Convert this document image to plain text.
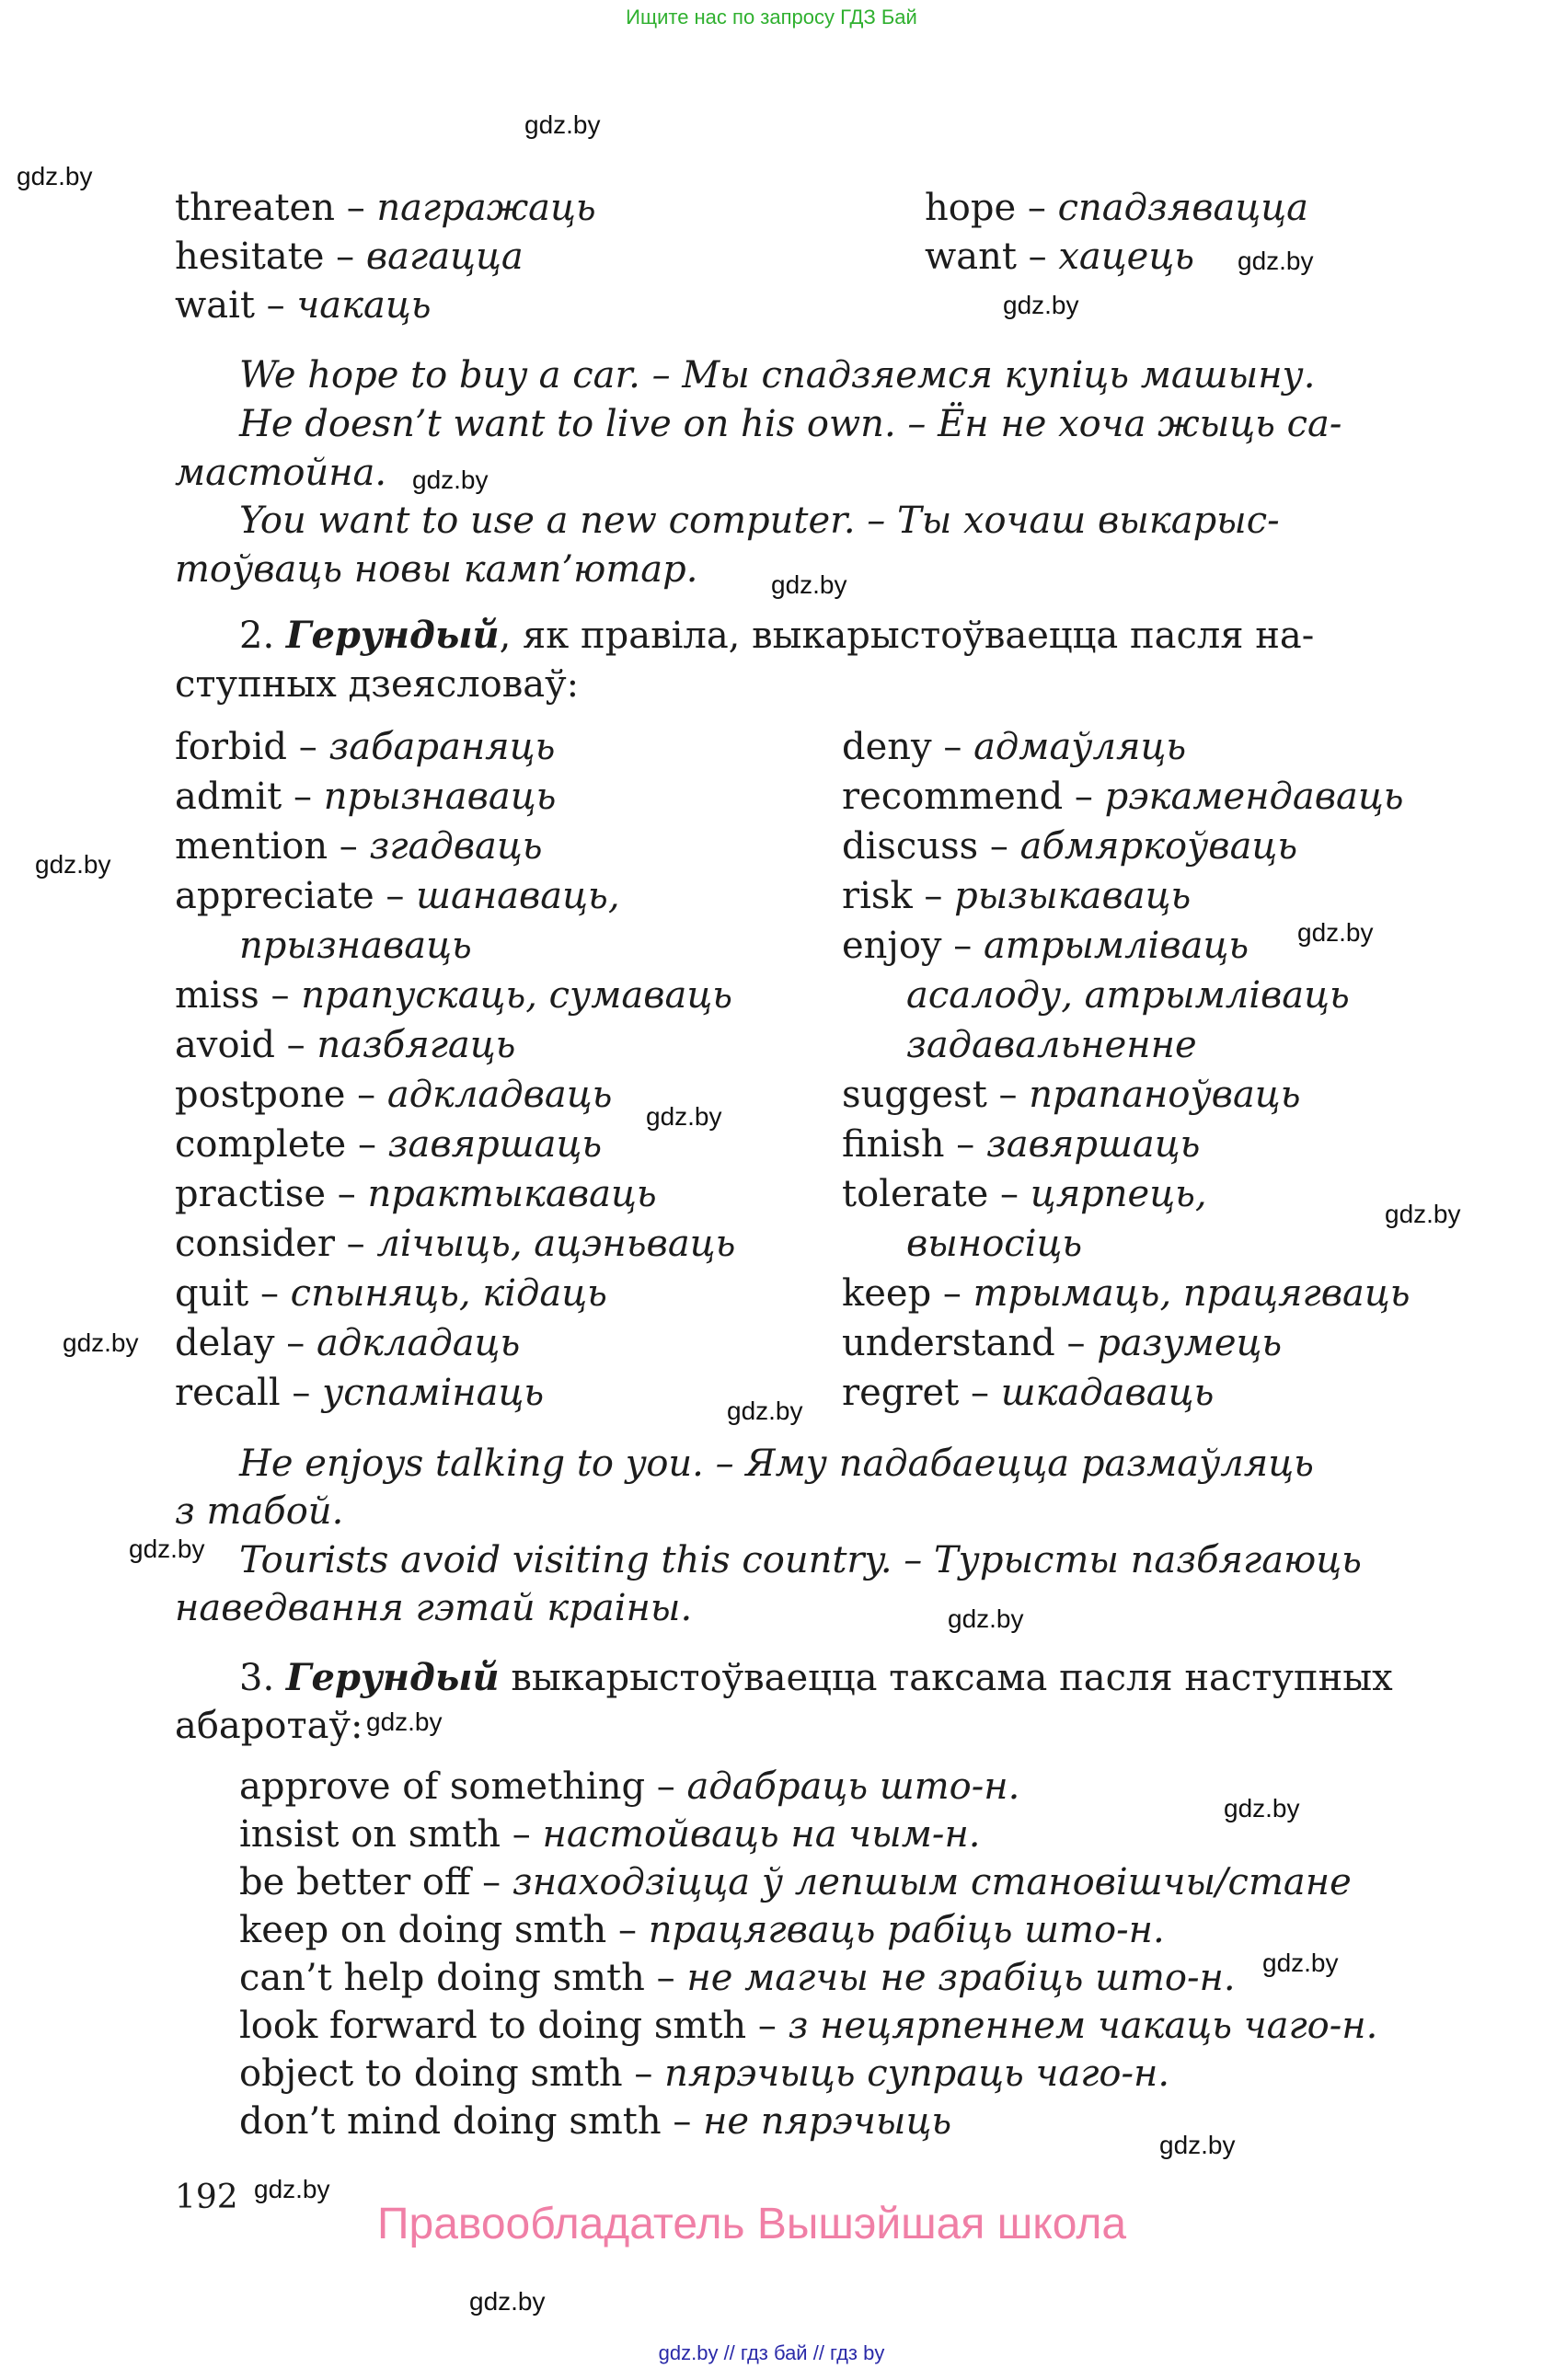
Ищите нас по запросу ГДЗ Бай
threaten – пагражаць
hesitate – вагацца
wait – чакаць
hope – спадзявацца
want – хацець
We hope to buy a car. – Мы спадзяемся купіць машыну.
He doesn’t want to live on his own. – Ён не хоча жыць са-
мастойна.
You want to use a new computer. – Ты хочаш выкарыс-
тоўваць новы камп’ютар.
2. Герундый, як правіла, выкарыстоўваецца пасля на-
ступных дзеясловаў:
forbid – забараняць
admit – прызнаваць
mention – згадваць
appreciate – шанаваць,
прызнаваць
miss – прапускаць, сумаваць
avoid – пазбягаць
postpone – адкладваць
complete – завяршаць
practise – практыкаваць
consider – лічыць, ацэньваць
quit – спыняць, кідаць
delay – адкладаць
recall – успамінаць
deny – адмаўляць
recommend – рэкамендаваць
discuss – абмяркоўваць
risk – рызыкаваць
enjoy – атрымліваць
асалоду, атрымліваць
задавальненне
suggest – прапаноўваць
finish – завяршаць
tolerate – цярпець,
выносіць
keep – трымаць, працягваць
understand – разумець
regret – шкадаваць
He enjoys talking to you. – Яму падабаецца размаўляць
з табой.
Tourists avoid visiting this country. – Турысты пазбягаюць
наведвання гэтай краіны.
3. Герундый выкарыстоўваецца таксама пасля наступных
абаротаў:
approve of something – адабраць што-н.
insist on smth – настойваць на чым-н.
be better off – знаходзіцца ў лепшым становішчы/стане
keep on doing smth – працягваць рабіць што-н.
can’t help doing smth – не магчы не зрабіць што-н.
look forward to doing smth – з нецярпеннем чакаць чаго-н.
object to doing smth – пярэчыць супраць чаго-н.
don’t mind doing smth – не пярэчыць
192
Правообладатель Вышэйшая школа
gdz.by // гдз бай // гдз by
gdz.by
gdz.by
gdz.by
gdz.by
gdz.by
gdz.by
gdz.by
gdz.by
gdz.by
gdz.by
gdz.by
gdz.by
gdz.by
gdz.by
gdz.by
gdz.by
gdz.by
gdz.by
gdz.by
gdz.by
